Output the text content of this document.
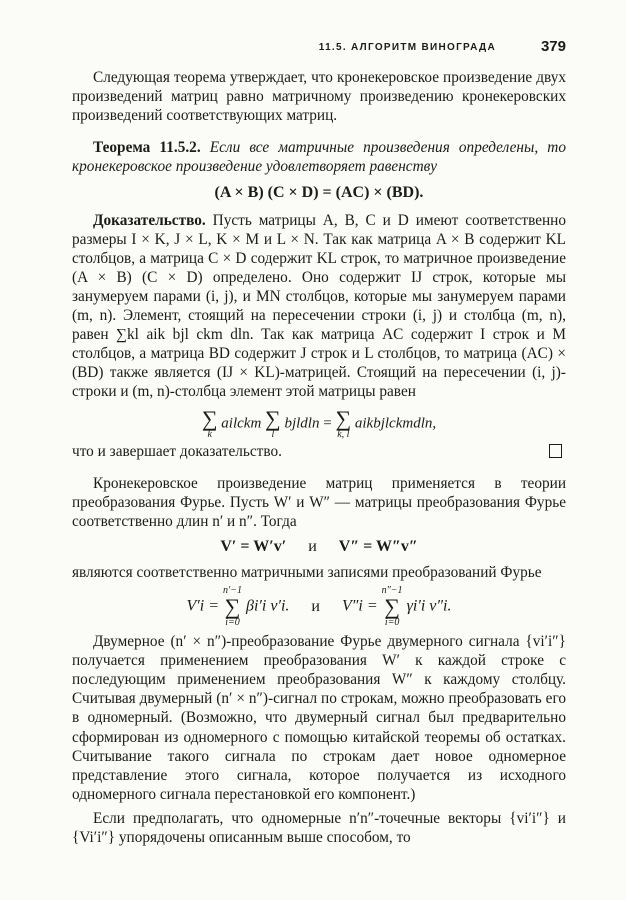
11.5. АЛГОРИТМ ВИНОГРАДА	379

Следующая теорема утверждает, что кронекеровское произведение двух произведений матриц равно матричному произведению кронекеровских произведений соответствующих матриц.

Теорема 11.5.2. Если все матричные произведения определены, то кронекеровское произведение удовлетворяет равенству

(A × B) (C × D) = (AC) × (BD).

Доказательство. Пусть матрицы A, B, C и D имеют соответственно размеры I × K, J × L, K × M и L × N. Так как матрица A × B содержит KL столбцов, а матрица C × D содержит KL строк, то матричное произведение (A × B) (C × D) определено. Оно содержит IJ строк, которые мы занумеруем парами (i, j), и MN столбцов, которые мы занумеруем парами (m, n). Элемент, стоящий на пересечении строки (i, j) и столбца (m, n), равен ∑kl aik bjl ckm dln. Так как матрица AC содержит I строк и M столбцов, а матрица BD содержит J строк и L столбцов, то матрица (AC) × (BD) также является (IJ × KL)-матрицей. Стоящий на пересечении (i, j)-строки и (m, n)-столбца элемент этой матрицы равен

∑
k
ailckm ∑
l
bjldln = ∑
k, l
aikbjlckmdln,
что и завершает доказательство.

Кронекеровское произведение матриц применяется в теории преобразования Фурье. Пусть W′ и W″ — матрицы преобразования Фурье соответственно длин n′ и n″. Тогда

V′ = W′v′ и V″ = W″v″

являются соответственно матричными записями преобразований Фурье

V′i =
n′−1
∑
i=0
βi′i v′i. и V″i =
n″−1
∑
i=0
γi′i v″i.

Двумерное (n′ × n″)-преобразование Фурье двумерного сигнала {vi′i″} получается применением преобразования W′ к каждой строке с последующим применением преобразования W″ к каждому столбцу. Считывая двумерный (n′ × n″)-сигнал по строкам, можно преобразовать его в одномерный. (Возможно, что двумерный сигнал был предварительно сформирован из одномерного с помощью китайской теоремы об остатках. Считывание такого сигнала по строкам дает новое одномерное представление этого сигнала, которое получается из исходного одномерного сигнала перестановкой его компонент.)

Если предполагать, что одномерные n′n″-точечные векторы {vi′i″} и {Vi′i″} упорядочены описанным выше способом, то
